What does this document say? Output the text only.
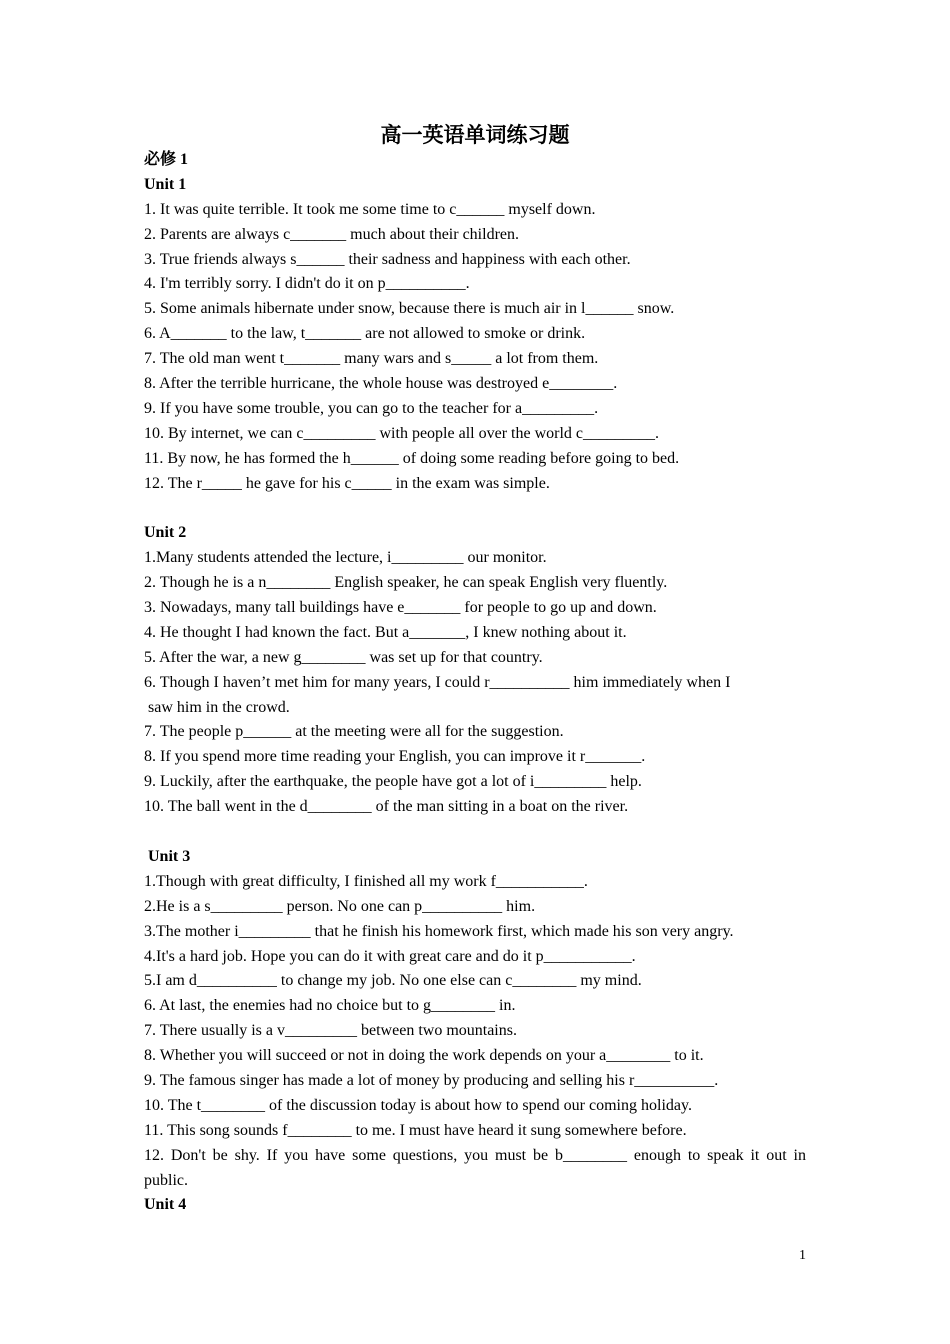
高一英语单词练习题
必修 1
Unit 1
1. It was quite terrible. It took me some time to c______ myself down.
2. Parents are always c_______ much about their children.
3. True friends always s______ their sadness and happiness with each other.
4. I'm terribly sorry. I didn't do it on p__________.
5. Some animals hibernate under snow, because there is much air in l______ snow.
6. A_______ to the law, t_______ are not allowed to smoke or drink.
7. The old man went t_______ many wars and s_____ a lot from them.
8. After the terrible hurricane, the whole house was destroyed e________.
9. If you have some trouble, you can go to the teacher for a_________.
10. By internet, we can c_________ with people all over the world c_________.
11. By now, he has formed the h______ of doing some reading before going to bed.
12. The r_____ he gave for his c_____ in the exam was simple.
Unit 2
1.Many students attended the lecture, i_________ our monitor.
2. Though he is a n________ English speaker, he can speak English very fluently.
3. Nowadays, many tall buildings have e_______ for people to go up and down.
4. He thought I had known the fact. But a_______, I knew nothing about it.
5. After the war, a new g________ was set up for that country.
6. Though I haven’t met him for many years, I could r__________ him immediately when I
saw him in the crowd.
7. The people p______ at the meeting were all for the suggestion.
8. If you spend more time reading your English, you can improve it r_______.
9. Luckily, after the earthquake, the people have got a lot of i_________ help.
10. The ball went in the d________ of the man sitting in a boat on the river.
Unit 3
1.Though with great difficulty, I finished all my work f___________.
2.He is a s_________ person. No one can p__________ him.
3.The mother i_________ that he finish his homework first, which made his son very angry.
4.It's a hard job. Hope you can do it with great care and do it p___________.
5.I am d__________ to change my job. No one else can c________ my mind.
6. At last, the enemies had no choice but to g________ in.
7. There usually is a v_________ between two mountains.
8. Whether you will succeed or not in doing the work depends on your a________ to it.
9. The famous singer has made a lot of money by producing and selling his r__________.
10. The t________ of the discussion today is about how to spend our coming holiday.
11. This song sounds f________ to me. I must have heard it sung somewhere before.
12. Don't be shy. If you have some questions, you must be b________ enough to speak it out in
public.
Unit 4
1
